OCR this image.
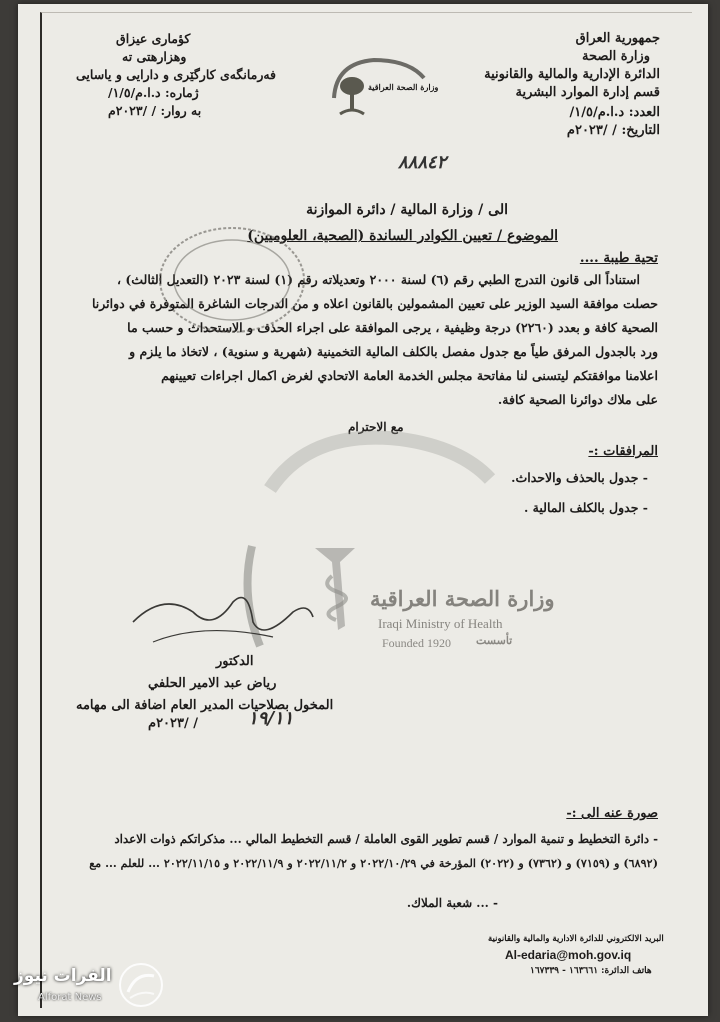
جمهورية العراق
وزارة الصحة
الدائرة الإدارية والمالية والقانونية
قسم إدارة الموارد البشرية
العدد: د.ا.م/١/٥/
التاريخ: / /٢٠٢٣م
كؤماری عیزاق
وهزارهتی ته
فەرمانگەی کارگێری و دارایی و یاسایی
ژماره: د.ا.م/١/٥/
به روار: / /٢٠٢٣م
وزارة الصحة العراقية
٨٨٨٤٢
الى / وزارة المالية / دائرة الموازنة
الموضوع / تعيين الكوادر الساندة (الصحية، العلوميين)
تحية طيبة ....
استناداً الى قانون التدرج الطبي رقم (٦) لسنة ٢٠٠٠ وتعديلاته رقم (١) لسنة ٢٠٢٣ (التعديل الثالث) ،
حصلت موافقة السيد الوزير على تعيين المشمولين بالقانون اعلاه و من الدرجات الشاغرة المتوفرة في دوائرنا
الصحية كافة و بعدد (٢٢٦٠) درجة وظيفية ، يرجى الموافقة على اجراء الحذف و الاستحداث و حسب ما
ورد بالجدول المرفق طياً مع جدول مفصل بالكلف المالية التخمينية (شهرية و سنوية) ، لاتخاذ ما يلزم و
اعلامنا موافقتكم ليتسنى لنا مفاتحة مجلس الخدمة العامة الاتحادي لغرض اكمال اجراءات تعيينهم
على ملاك دوائرنا الصحية كافة.
مع الاحترام
المرافقات :-
- جدول بالحذف والاحداث.
- جدول بالكلف المالية .
وزارة الصحة العراقية
Iraqi Ministry of Health
Founded 1920 تأسست
الدكتور
رياض عبد الامير الحلفي
المخول بصلاحيات المدير العام اضافة الى مهامه
/ /٢٠٢٣م	١٩/١١
صورة عنه الى :-
- دائرة التخطيط و تنمية الموارد / قسم تطوير القوى العاملة / قسم التخطيط المالي ... مذكراتكم ذوات الاعداد
(٦٨٩٢) و (٧١٥٩) و (٧٣٦٢) و (٢٠٢٢) المؤرخة في ٢٠٢٢/١٠/٢٩ و ٢٠٢٢/١١/٢ و ٢٠٢٢/١١/٩ و ٢٠٢٢/١١/١٥ ... للعلم ... مع
- ... شعبة الملاك.
البريد الالكتروني للدائرة الادارية والمالية والقانونية
Al-edaria@moh.gov.iq
هاتف الدائرة: ١٦٣٦٦١ - ١٦٧٣٣٩
الفرات نيوز
Alforat News
